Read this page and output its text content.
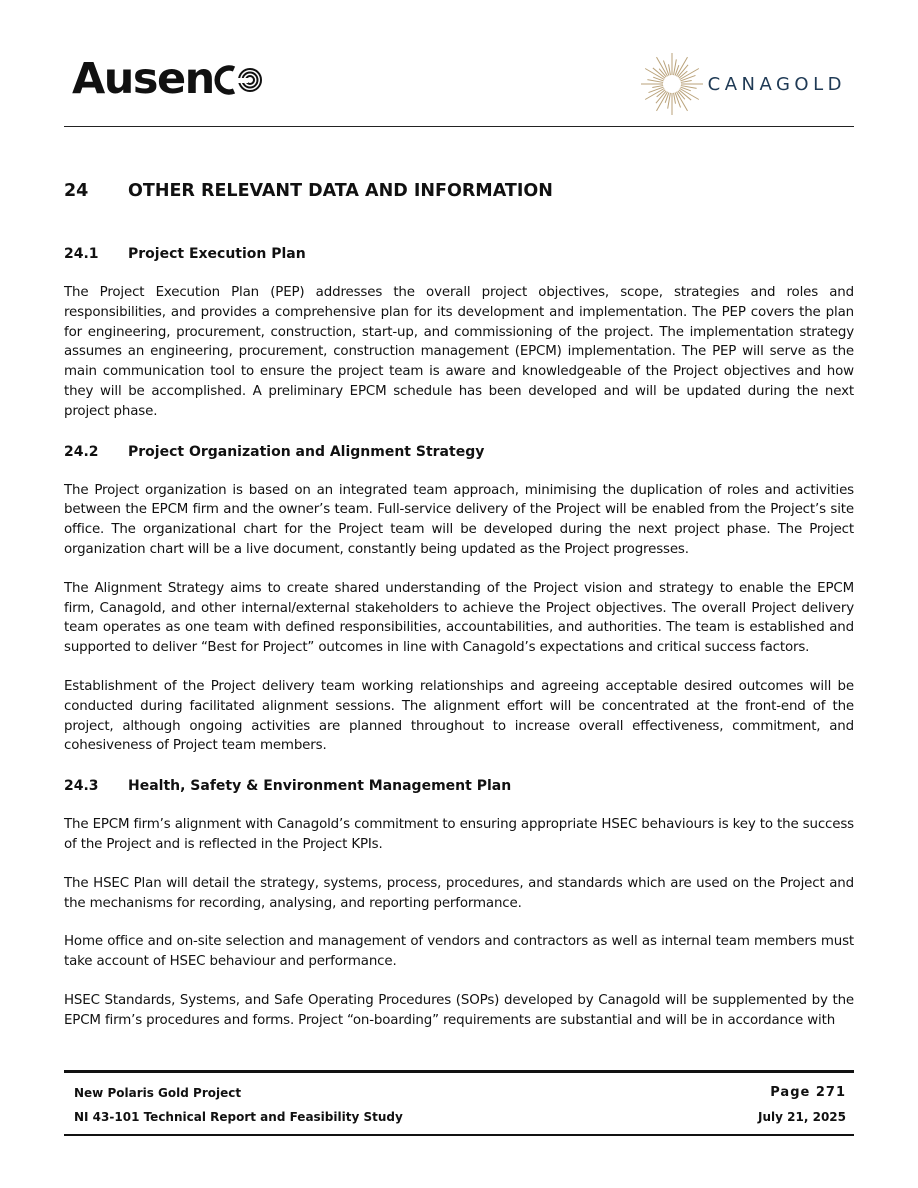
Ausen	CANAGOLD
24	OTHER RELEVANT DATA AND INFORMATION
24.1	Project Execution Plan

The Project Execution Plan (PEP) addresses the overall project objectives, scope, strategies and roles and responsibilities, and provides a comprehensive plan for its development and implementation. The PEP covers the plan for engineering, procurement, construction, start-up, and commissioning of the project. The implementation strategy assumes an engineering, procurement, construction management (EPCM) implementation. The PEP will serve as the main communication tool to ensure the project team is aware and knowledgeable of the Project objectives and how they will be accomplished. A preliminary EPCM schedule has been developed and will be updated during the next project phase.

24.2	Project Organization and Alignment Strategy

The Project organization is based on an integrated team approach, minimising the duplication of roles and activities between the EPCM firm and the owner’s team. Full-service delivery of the Project will be enabled from the Project’s site office. The organizational chart for the Project team will be developed during the next project phase. The Project organization chart will be a live document, constantly being updated as the Project progresses.

The Alignment Strategy aims to create shared understanding of the Project vision and strategy to enable the EPCM firm, Canagold, and other internal/external stakeholders to achieve the Project objectives. The overall Project delivery team operates as one team with defined responsibilities, accountabilities, and authorities. The team is established and supported to deliver “Best for Project” outcomes in line with Canagold’s expectations and critical success factors.

Establishment of the Project delivery team working relationships and agreeing acceptable desired outcomes will be conducted during facilitated alignment sessions. The alignment effort will be concentrated at the front-end of the project, although ongoing activities are planned throughout to increase overall effectiveness, commitment, and cohesiveness of Project team members.

24.3	Health, Safety & Environment Management Plan

The EPCM firm’s alignment with Canagold’s commitment to ensuring appropriate HSEC behaviours is key to the success of the Project and is reflected in the Project KPIs.

The HSEC Plan will detail the strategy, systems, process, procedures, and standards which are used on the Project and the mechanisms for recording, analysing, and reporting performance.

Home office and on-site selection and management of vendors and contractors as well as internal team members must take account of HSEC behaviour and performance.

HSEC Standards, Systems, and Safe Operating Procedures (SOPs) developed by Canagold will be supplemented by the EPCM firm’s procedures and forms. Project “on-boarding” requirements are substantial and will be in accordance with

New Polaris Gold Project
NI 43-101 Technical Report and Feasibility Study
Page 271
July 21, 2025
